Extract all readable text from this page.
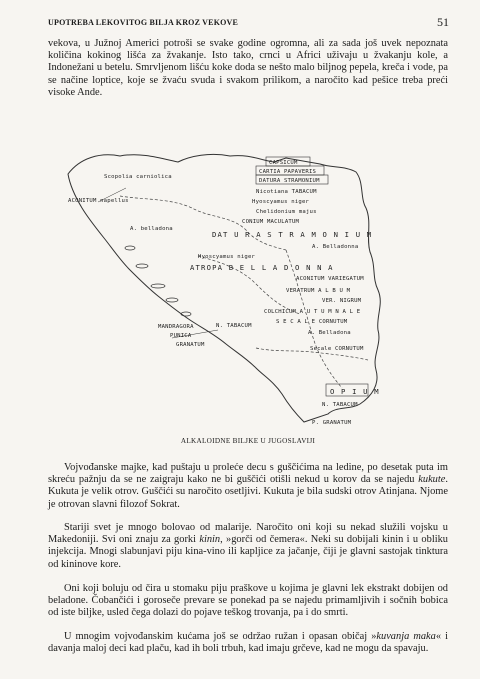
UPOTREBA LEKOVITOG BILJA KROZ VEKOVE	51

vekova, u Južnoj Americi potroši se svake godine ogromna, ali za sada još uvek nepoznata količina kokinog lišća za žvakanje. Isto tako, crnci u Africi uživaju u žvakanju kole, a Indonežani u betelu. Smrvljenom lišću koke doda se nešto malo biljnog pepela, kreča i vode, pa se načine loptice, koje se žvaću svuda i svakom prilikom, a naročito kad pešice treba preći visoke Ande.

Scopolia carniolica
ACONITUM napellus
A. belladona
CAPSICUM
CARTIA PAPAVERIS
DATURA STRAMONIUM
Nicotiana TABACUM
Hyoscyamus niger
Chelidonium majus
CONIUM MACULATUM
DAT U R A S T R A M O N I U M
A. Belladonna
Hyoscyamus niger
ATROPA B E L L A D O N N A
ACONITUM VARIEGATUM
VERATRUM A L B U M
VER. NIGRUM
COLCHICUM A U T U M N A L E
S E C A L E CORNUTUM
MANDRAGORA	N. TABACUM
PUNICA
GRANATUM
A. Belladona
Secale CORNUTUM
O P I U M
N. TABACUM
P. GRANATUM
ALKALOIDNE BILJKE U JUGOSLAVIJI

Vojvođanske majke, kad puštaju u proleće decu s guščićima na ledine, po desetak puta im skreću pažnju da se ne zaigraju kako ne bi guščići otišli nekud u korov da se najedu kukute. Kukuta je velik otrov. Guščići su naročito osetljivi. Kukuta je bila sudski otrov Atinjana. Njome je otrovan slavni filozof Sokrat.

Stariji svet je mnogo bolovao od malarije. Naročito oni koji su nekad služili vojsku u Makedoniji. Svi oni znaju za gorki kinin, »gorči od čemera«. Neki su dobijali kinin i u obliku injekcija. Mnogi slabunjavi piju kina-vino ili kapljice za jačanje, čiji je glavni sastojak tinktura od kininove kore.

Oni koji boluju od čira u stomaku piju praškove u kojima je glavni lek ekstrakt dobijen od beladone. Čobančići i goroseče prevare se ponekad pa se najedu primamljivih i sočnih bobica od iste biljke, usled čega dolazi do pojave teškog trovanja, pa i do smrti.

U mnogim vojvođanskim kućama još se održao ružan i opasan običaj »kuvanja maka« i davanja maloj deci kad plaču, kad ih boli trbuh, kad imaju grčeve, kad ne mogu da spavaju.
